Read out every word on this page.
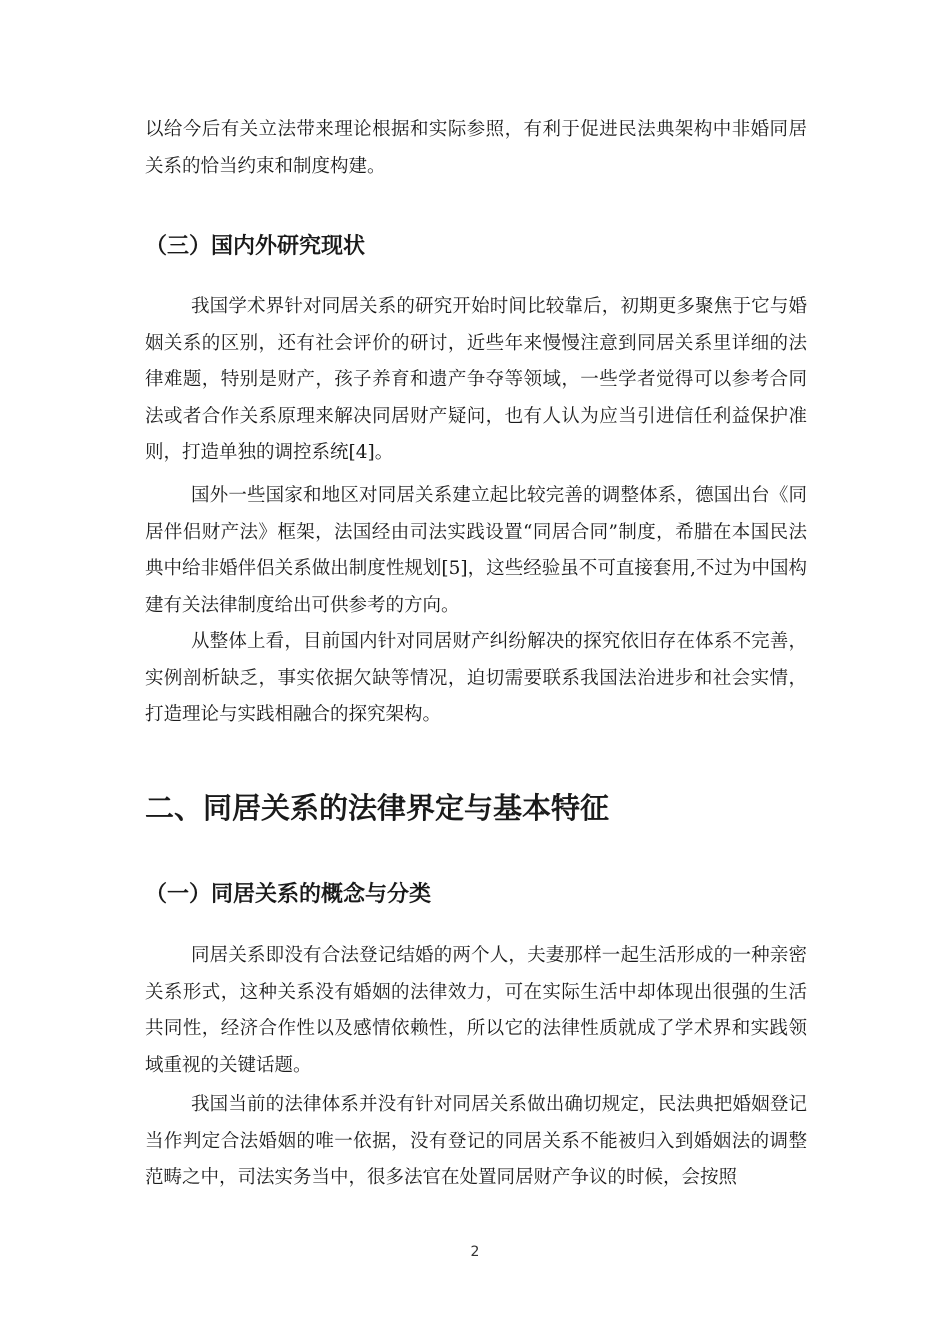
以给今后有关立法带来理论根据和实际参照，有利于促进民法典架构中非婚同居关系的恰当约束和制度构建。

（三）国内外研究现状

我国学术界针对同居关系的研究开始时间比较靠后，初期更多聚焦于它与婚姻关系的区别，还有社会评价的研讨，近些年来慢慢注意到同居关系里详细的法律难题，特别是财产，孩子养育和遗产争夺等领域，一些学者觉得可以参考合同法或者合作关系原理来解决同居财产疑问，也有人认为应当引进信任利益保护准则，打造单独的调控系统[4]。

国外一些国家和地区对同居关系建立起比较完善的调整体系，德国出台《同居伴侣财产法》框架，法国经由司法实践设置“同居合同”制度，希腊在本国民法典中给非婚伴侣关系做出制度性规划[5]，这些经验虽不可直接套用,不过为中国构建有关法律制度给出可供参考的方向。

从整体上看，目前国内针对同居财产纠纷解决的探究依旧存在体系不完善，实例剖析缺乏，事实依据欠缺等情况，迫切需要联系我国法治进步和社会实情，打造理论与实践相融合的探究架构。

二、同居关系的法律界定与基本特征
（一）同居关系的概念与分类

同居关系即没有合法登记结婚的两个人，夫妻那样一起生活形成的一种亲密关系形式，这种关系没有婚姻的法律效力，可在实际生活中却体现出很强的生活共同性，经济合作性以及感情依赖性，所以它的法律性质就成了学术界和实践领域重视的关键话题。

我国当前的法律体系并没有针对同居关系做出确切规定，民法典把婚姻登记当作判定合法婚姻的唯一依据，没有登记的同居关系不能被归入到婚姻法的调整范畴之中，司法实务当中，很多法官在处置同居财产争议的时候，会按照

2
